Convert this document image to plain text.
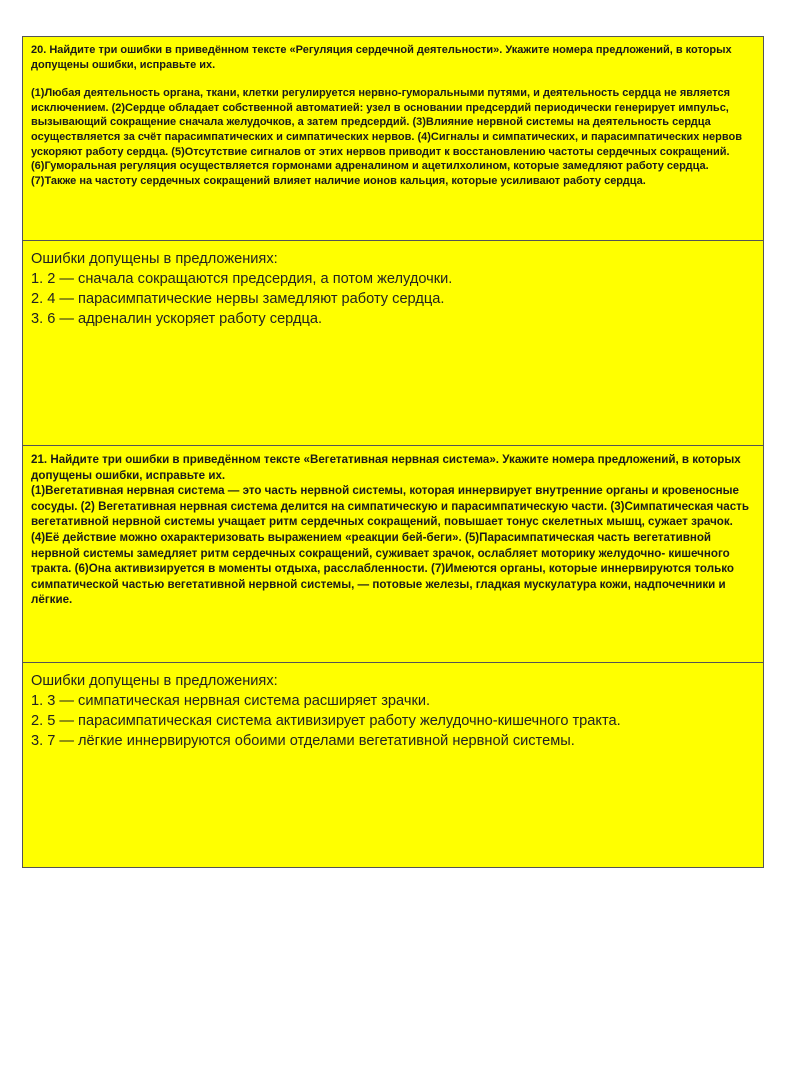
20. Найдите три ошибки в приведённом тексте «Регуляция сердечной деятельности». Укажите номера предложений, в которых допущены ошибки, исправьте их.
(1)Любая деятельность органа, ткани, клетки регулируется нервно-гуморальными путями, и деятельность сердца не является исключением. (2)Сердце обладает собственной автоматией: узел в основании предсердий периодически генерирует импульс, вызывающий сокращение сначала желудочков, а затем предсердий. (3)Влияние нервной системы на деятельность сердца осуществляется за счёт парасимпатических и симпатических нервов. (4)Сигналы и симпатических, и парасимпатических нервов ускоряют работу сердца. (5)Отсутствие сигналов от этих нервов приводит к восстановлению частоты сердечных сокращений. (6)Гуморальная регуляция осуществляется гормонами адреналином и ацетилхолином, которые замедляют работу сердца. (7)Также на частоту сердечных сокращений влияет наличие ионов кальция, которые усиливают работу сердца.
Ошибки допущены в предложениях:
1. 2 — сначала сокращаются предсердия, а потом желудочки.
2. 4 — парасимпатические нервы замедляют работу сердца.
3. 6 — адреналин ускоряет работу сердца.
21. Найдите три ошибки в приведённом тексте «Вегетативная нервная система». Укажите номера предложений, в которых допущены ошибки, исправьте их.
(1)Вегетативная нервная система — это часть нервной системы, которая иннервирует внутренние органы и кровеносные сосуды. (2) Вегетативная нервная система делится на симпатическую и парасимпатическую части. (3)Симпатическая часть вегетативной нервной системы учащает ритм сердечных сокращений, повышает тонус скелетных мышц, сужает зрачок. (4)Её действие можно охарактеризовать выражением «реакции бей-беги». (5)Парасимпатическая часть вегетативной нервной системы замедляет ритм сердечных сокращений, суживает зрачок, ослабляет моторику желудочно- кишечного тракта. (6)Она активизируется в моменты отдыха, расслабленности. (7)Имеются органы, которые иннервируются только симпатической частью вегетативной нервной системы, — потовые железы, гладкая мускулатура кожи, надпочечники и лёгкие.
Ошибки допущены в предложениях:
1. 3 — симпатическая нервная система расширяет зрачки.
2. 5 — парасимпатическая система активизирует работу желудочно-кишечного тракта.
3. 7 — лёгкие иннервируются обоими отделами вегетативной нервной системы.
